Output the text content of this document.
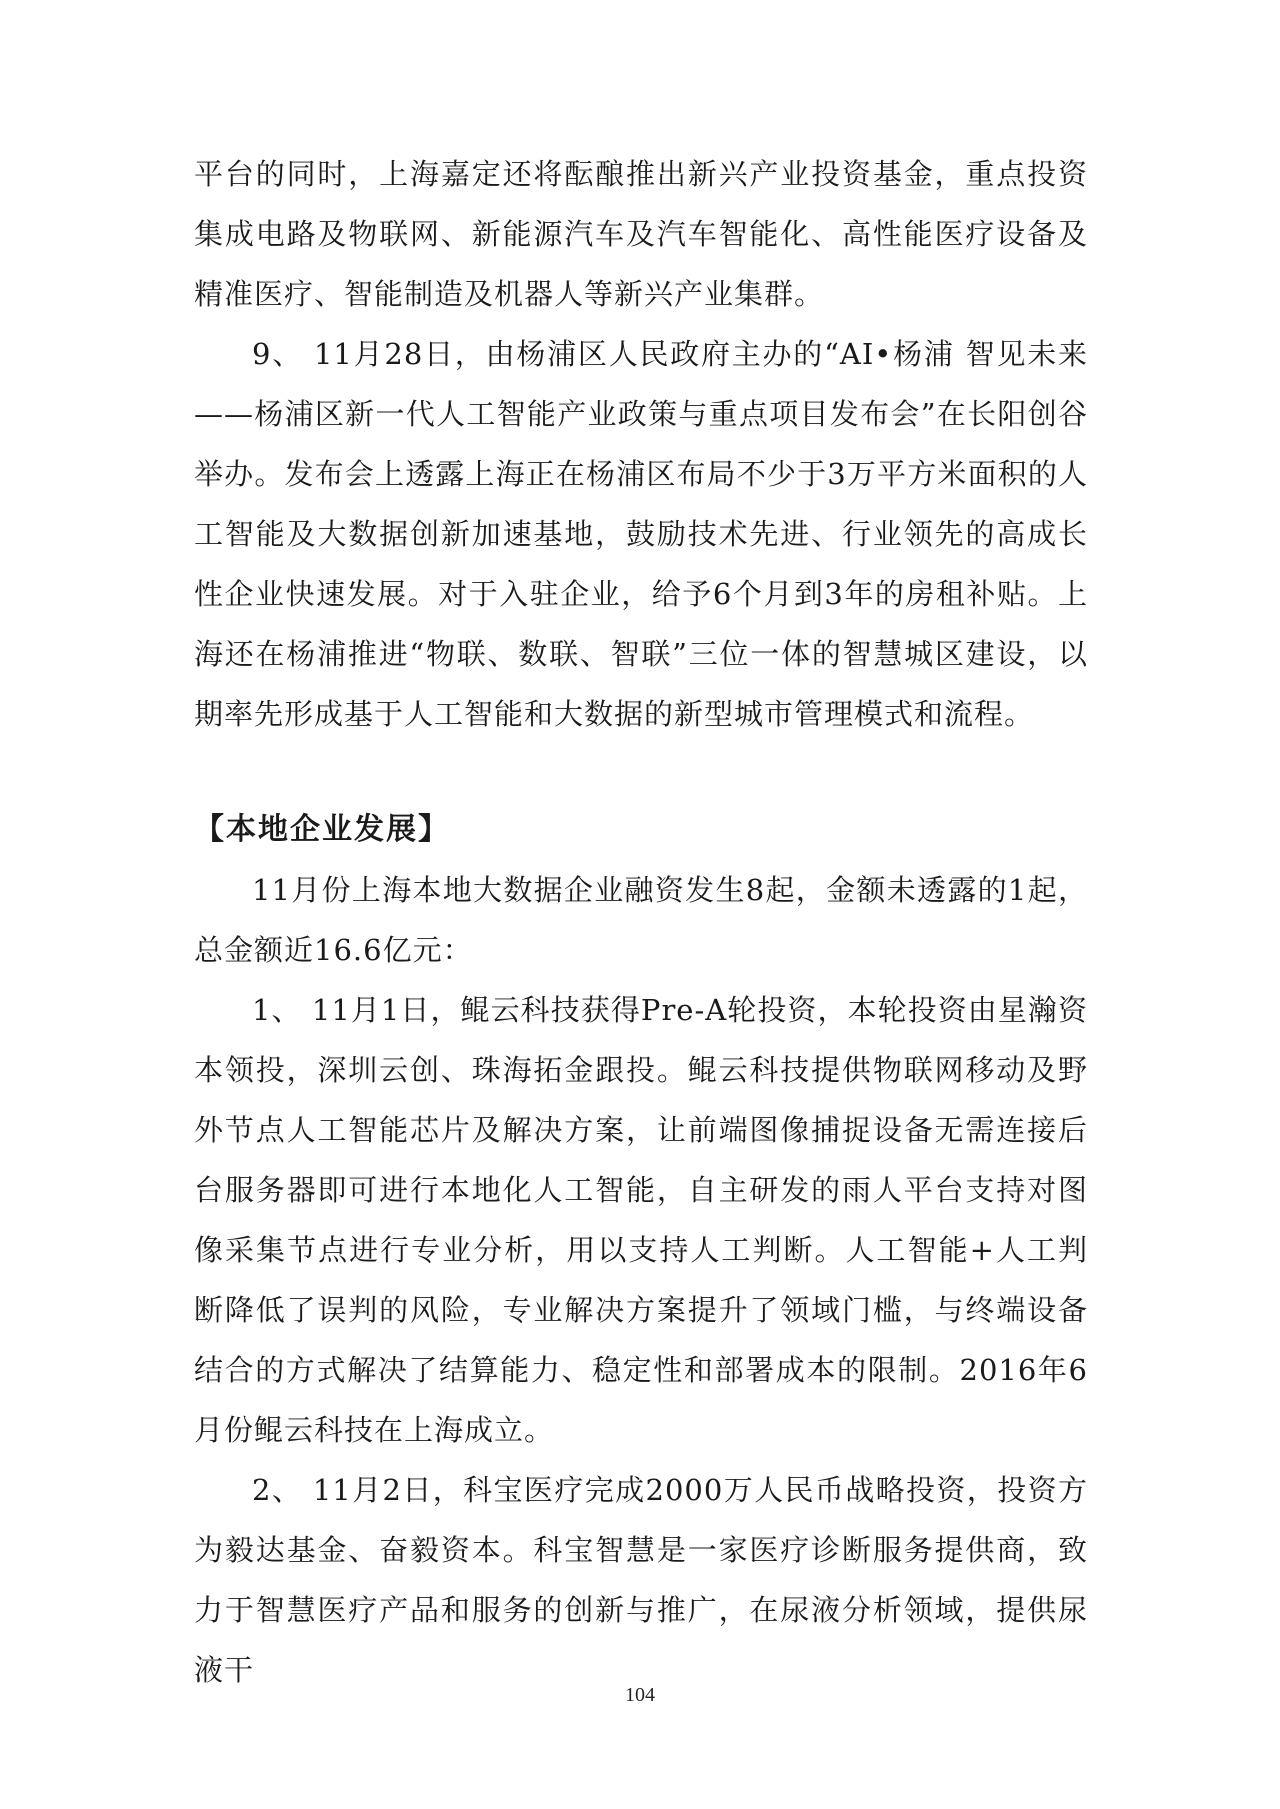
平台的同时，上海嘉定还将酝酿推出新兴产业投资基金，重点投资集成电路及物联网、新能源汽车及汽车智能化、高性能医疗设备及精准医疗、智能制造及机器人等新兴产业集群。

9、 11月28日，由杨浦区人民政府主办的“AI•杨浦 智见未来——杨浦区新一代人工智能产业政策与重点项目发布会”在长阳创谷举办。发布会上透露上海正在杨浦区布局不少于3万平方米面积的人工智能及大数据创新加速基地，鼓励技术先进、行业领先的高成长性企业快速发展。对于入驻企业，给予6个月到3年的房租补贴。上海还在杨浦推进“物联、数联、智联”三位一体的智慧城区建设，以期率先形成基于人工智能和大数据的新型城市管理模式和流程。

【本地企业发展】

11月份上海本地大数据企业融资发生8起，金额未透露的1起，总金额近16.6亿元：

1、 11月1日，鲲云科技获得Pre-A轮投资，本轮投资由星瀚资本领投，深圳云创、珠海拓金跟投。鲲云科技提供物联网移动及野外节点人工智能芯片及解决方案，让前端图像捕捉设备无需连接后台服务器即可进行本地化人工智能，自主研发的雨人平台支持对图像采集节点进行专业分析，用以支持人工判断。人工智能+人工判断降低了误判的风险，专业解决方案提升了领域门槛，与终端设备结合的方式解决了结算能力、稳定性和部署成本的限制。2016年6月份鲲云科技在上海成立。

2、 11月2日，科宝医疗完成2000万人民币战略投资，投资方为毅达基金、奋毅资本。科宝智慧是一家医疗诊断服务提供商，致力于智慧医疗产品和服务的创新与推广，在尿液分析领域，提供尿液干

104
